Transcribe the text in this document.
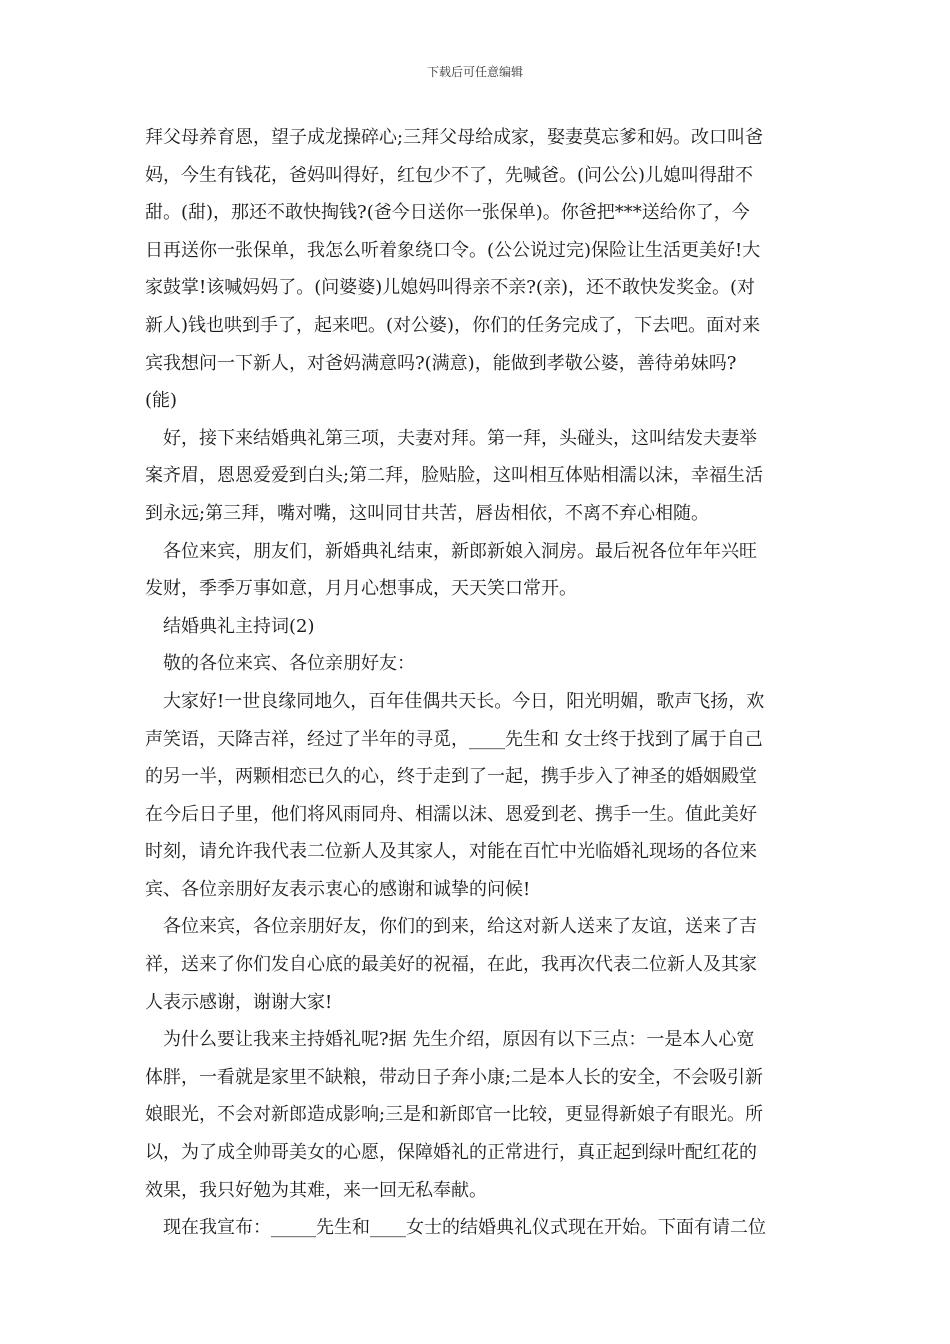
下载后可任意编辑
拜父母养育恩，望子成龙操碎心;三拜父母给成家，娶妻莫忘爹和妈。改口叫爸
妈，今生有钱花，爸妈叫得好，红包少不了，先喊爸。(问公公)儿媳叫得甜不
甜。(甜)，那还不敢快掏钱?(爸今日送你一张保单)。你爸把***送给你了，今
日再送你一张保单，我怎么听着象绕口令。(公公说过完)保险让生活更美好!大
家鼓掌!该喊妈妈了。(问婆婆)儿媳妈叫得亲不亲?(亲)，还不敢快发奖金。(对
新人)钱也哄到手了，起来吧。(对公婆)，你们的任务完成了，下去吧。面对来
宾我想问一下新人，对爸妈满意吗?(满意)，能做到孝敬公婆，善待弟妹吗?
(能)
好，接下来结婚典礼第三项，夫妻对拜。第一拜，头碰头，这叫结发夫妻举
案齐眉，恩恩爱爱到白头;第二拜，脸贴脸，这叫相互体贴相濡以沫，幸福生活
到永远;第三拜，嘴对嘴，这叫同甘共苦，唇齿相依，不离不弃心相随。
各位来宾，朋友们，新婚典礼结束，新郎新娘入洞房。最后祝各位年年兴旺
发财，季季万事如意，月月心想事成，天天笑口常开。
结婚典礼主持词(2)
敬的各位来宾、各位亲朋好友：
大家好!一世良缘同地久，百年佳偶共天长。今日，阳光明媚，歌声飞扬，欢
声笑语，天降吉祥，经过了半年的寻觅，____先生和 女士终于找到了属于自己
的另一半，两颗相恋已久的心，终于走到了一起，携手步入了神圣的婚姻殿堂
在今后日子里，他们将风雨同舟、相濡以沫、恩爱到老、携手一生。值此美好
时刻，请允许我代表二位新人及其家人，对能在百忙中光临婚礼现场的各位来
宾、各位亲朋好友表示衷心的感谢和诚挚的问候!
各位来宾，各位亲朋好友，你们的到来，给这对新人送来了友谊，送来了吉
祥，送来了你们发自心底的最美好的祝福，在此，我再次代表二位新人及其家
人表示感谢，谢谢大家!
为什么要让我来主持婚礼呢?据 先生介绍，原因有以下三点：一是本人心宽
体胖，一看就是家里不缺粮，带动日子奔小康;二是本人长的安全，不会吸引新
娘眼光，不会对新郎造成影响;三是和新郎官一比较，更显得新娘子有眼光。所
以，为了成全帅哥美女的心愿，保障婚礼的正常进行，真正起到绿叶配红花的
效果，我只好勉为其难，来一回无私奉献。
现在我宣布：_____先生和____女士的结婚典礼仪式现在开始。下面有请二位
